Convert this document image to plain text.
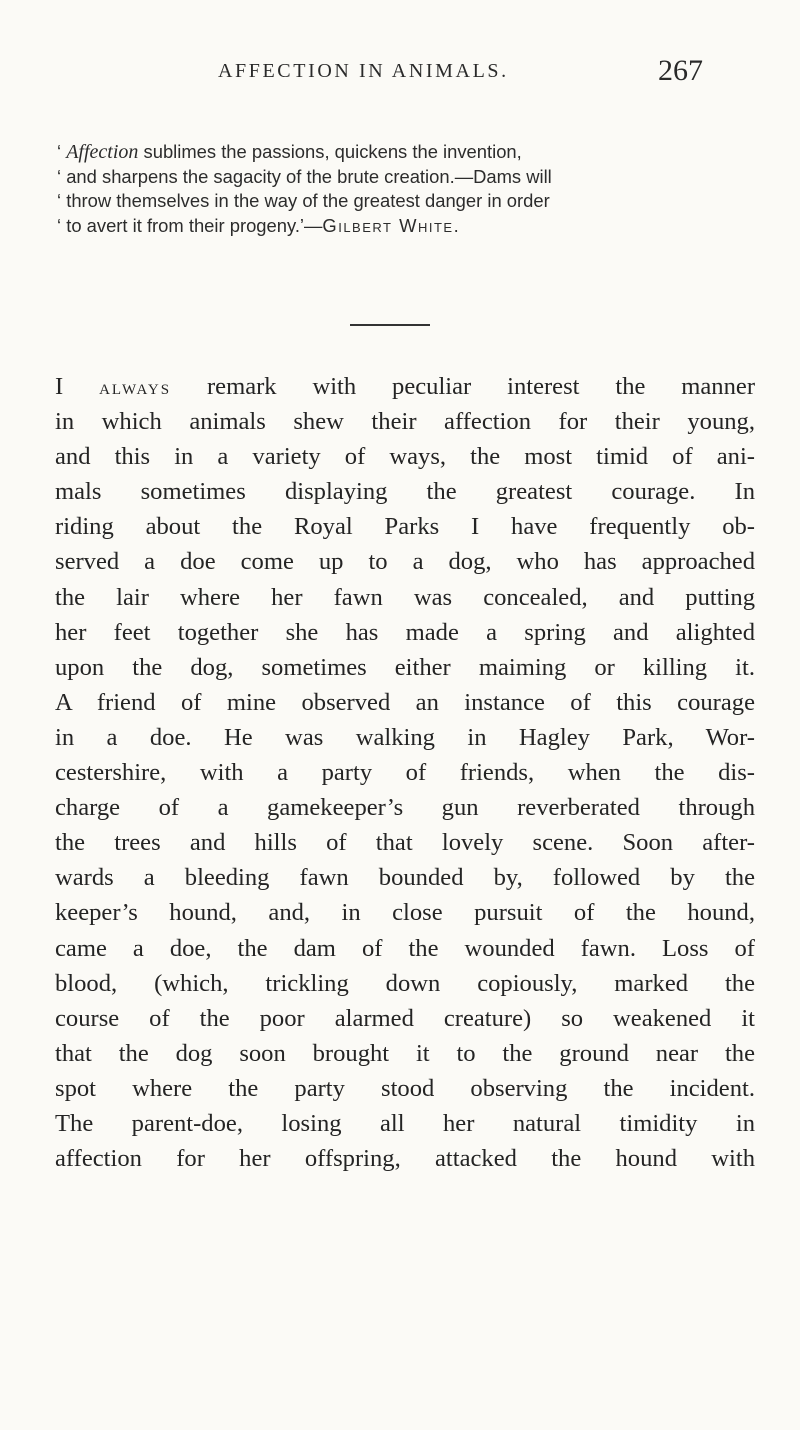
AFFECTION IN ANIMALS.	267
‘ Affection sublimes the passions, quickens the invention,
‘ and sharpens the sagacity of the brute creation.—Dams will
‘ throw themselves in the way of the greatest danger in order
‘ to avert it from their progeny.’—Gilbert White.
I always remark with peculiar interest the manner
in which animals shew their affection for their young,
and this in a variety of ways, the most timid of ani-
mals sometimes displaying the greatest courage. In
riding about the Royal Parks I have frequently ob-
served a doe come up to a dog, who has approached
the lair where her fawn was concealed, and putting
her feet together she has made a spring and alighted
upon the dog, sometimes either maiming or killing it.
A friend of mine observed an instance of this courage
in a doe. He was walking in Hagley Park, Wor-
cestershire, with a party of friends, when the dis-
charge of a gamekeeper’s gun reverberated through
the trees and hills of that lovely scene. Soon after-
wards a bleeding fawn bounded by, followed by the
keeper’s hound, and, in close pursuit of the hound,
came a doe, the dam of the wounded fawn. Loss of
blood, (which, trickling down copiously, marked the
course of the poor alarmed creature) so weakened it
that the dog soon brought it to the ground near the
spot where the party stood observing the incident.
The parent-doe, losing all her natural timidity in
affection for her offspring, attacked the hound with
